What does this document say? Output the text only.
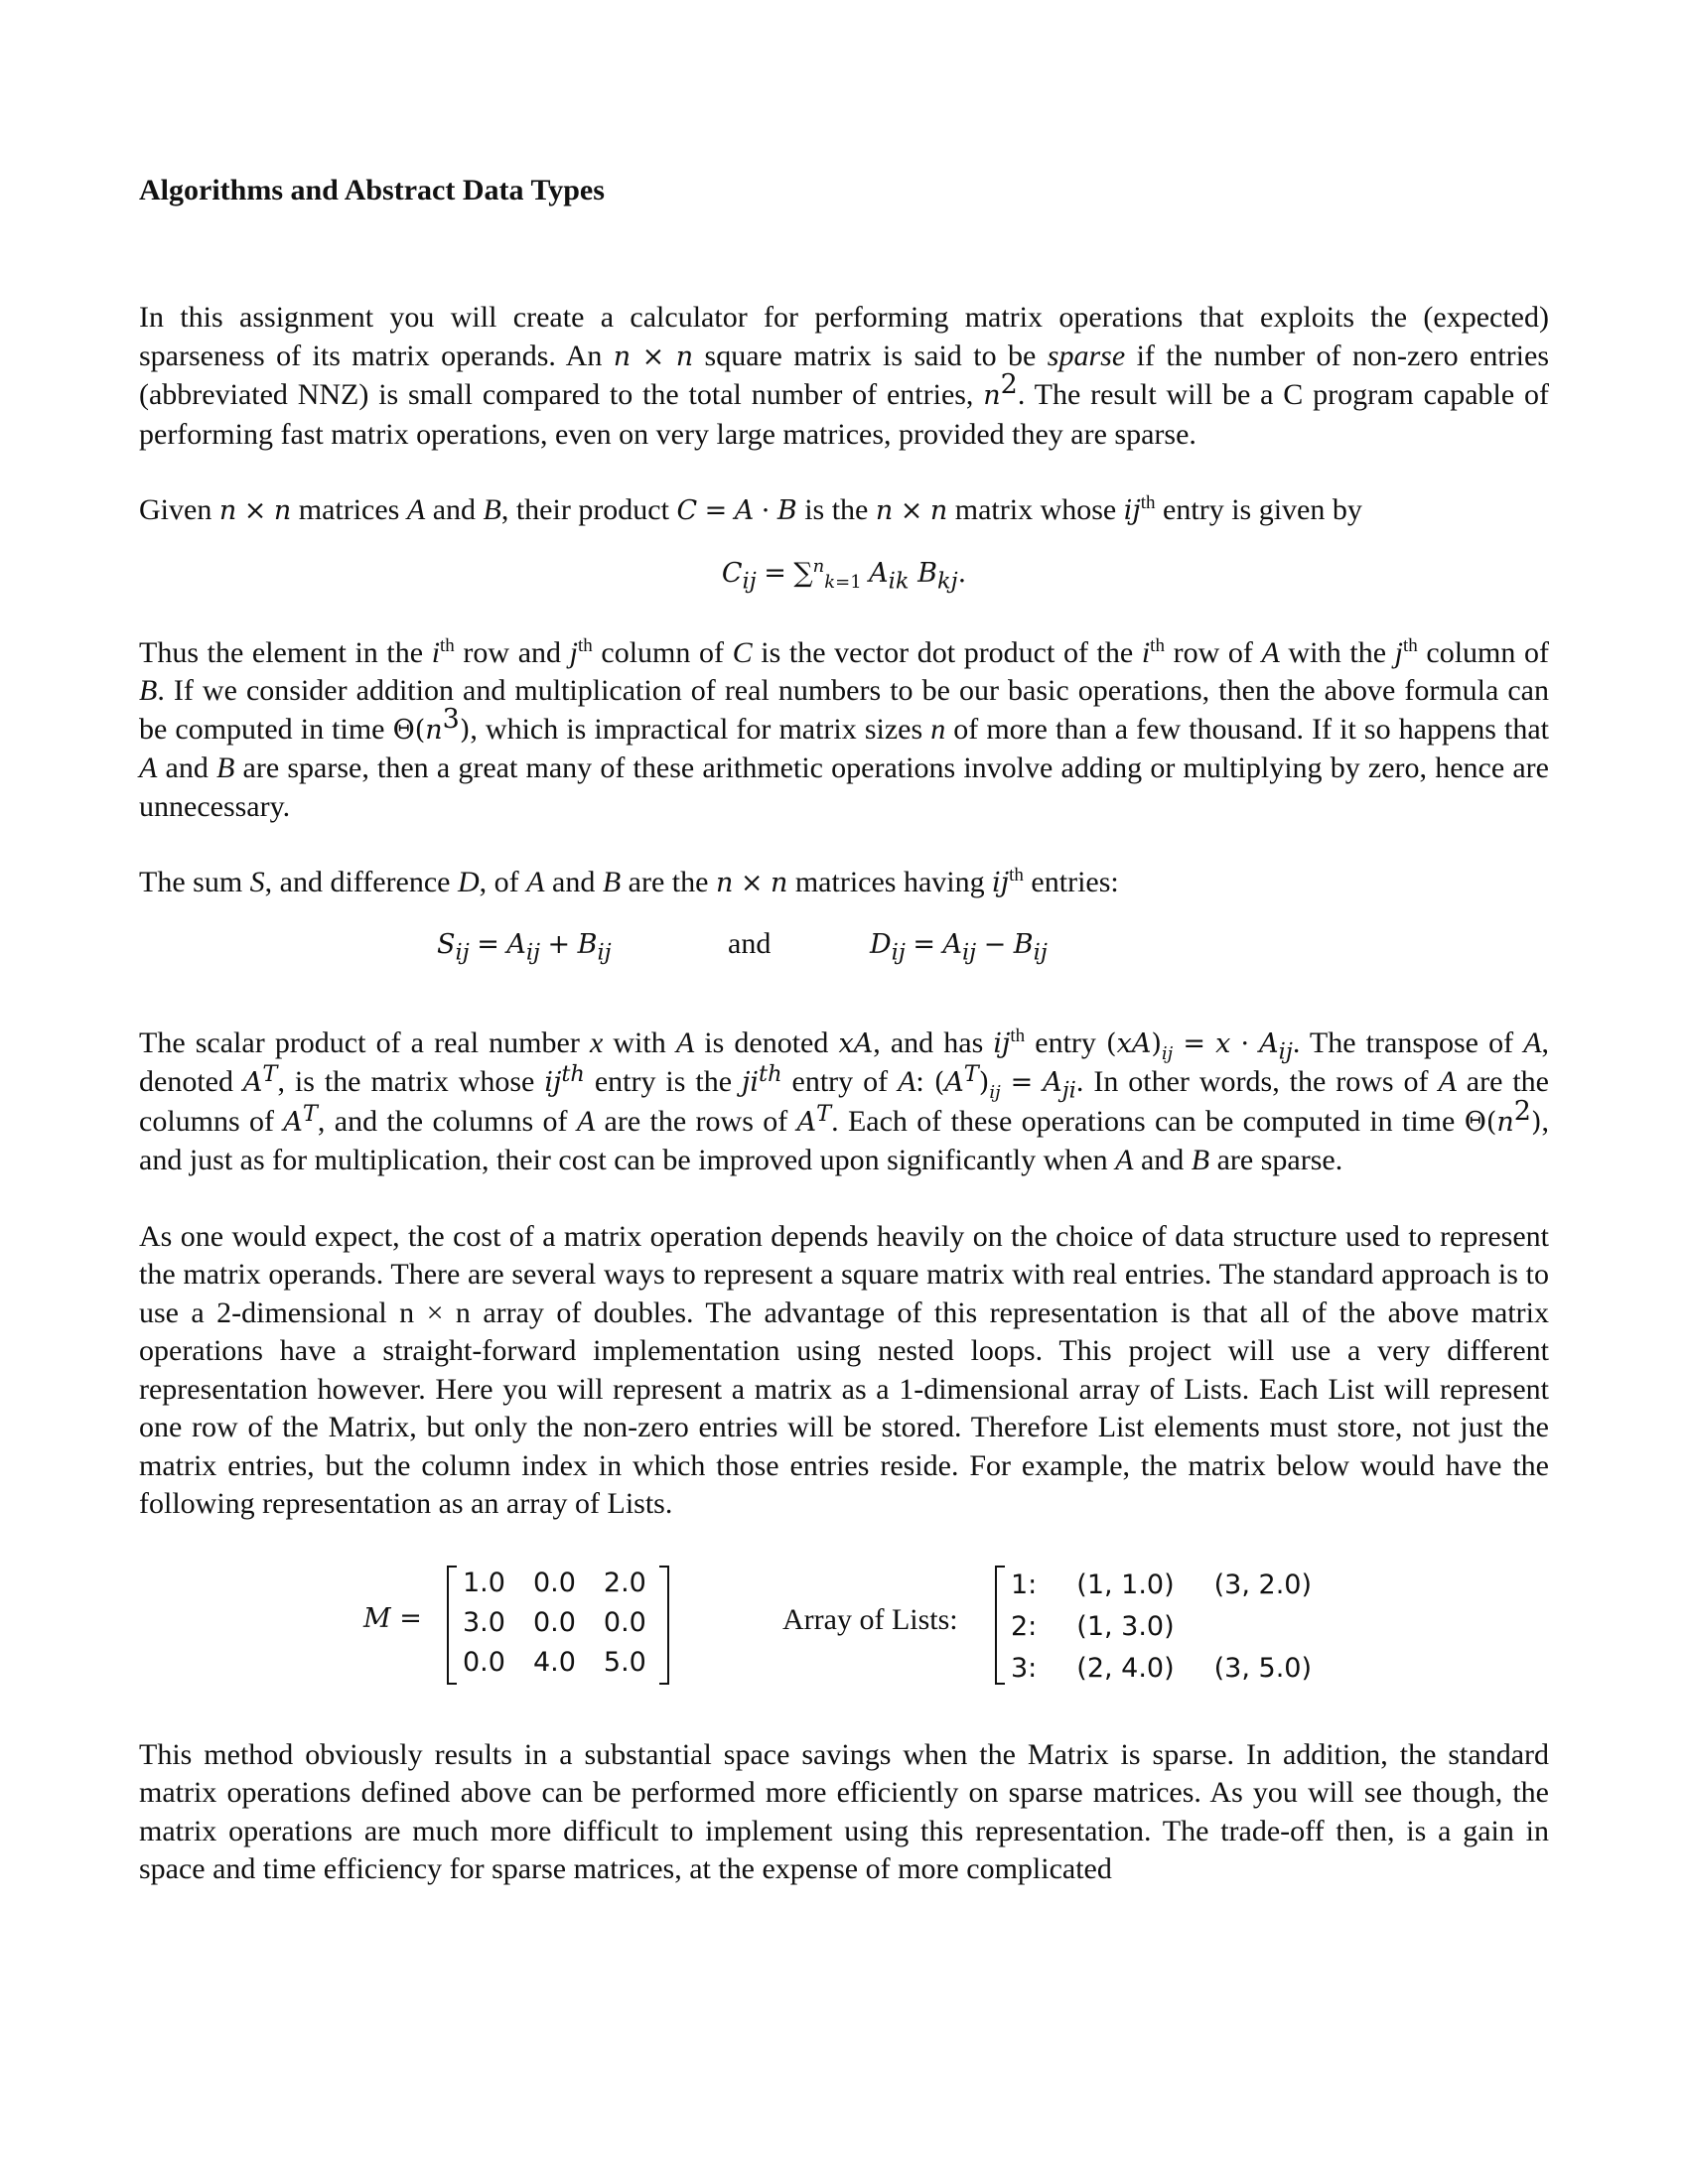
Algorithms and Abstract Data Types

In this assignment you will create a calculator for performing matrix operations that exploits the (expected) sparseness of its matrix operands. An n × n square matrix is said to be sparse if the number of non-zero entries (abbreviated NNZ) is small compared to the total number of entries, $n^2$. The result will be a C program capable of performing fast matrix operations, even on very large matrices, provided they are sparse.

Given n × n matrices A and B, their product C = A · B is the n × n matrix whose $ij^{th}$ entry is given by

$C_{ij} = \sum^n_{k=1}$ $A_{ik}$ $B_{kj}$.

Thus the element in the $i^{th}$ row and $j^{th}$ column of C is the vector dot product of the $i^{th}$ row of A with the $j^{th}$ column of B. If we consider addition and multiplication of real numbers to be our basic operations, then the above formula can be computed in time $\Theta(n^3)$, which is impractical for matrix sizes n of more than a few thousand. If it so happens that A and B are sparse, then a great many of these arithmetic operations involve adding or multiplying by zero, hence are unnecessary.

The sum S, and difference D, of A and B are the n × n matrices having $ij^{th}$ entries:

$S_{ij} = A_{ij} + B_{ij}$	and	$D_{ij} = A_{ij} - B_{ij}$

The scalar product of a real number x with A is denoted xA, and has $ij^{th}$ entry $(xA)_{ij} = x \cdot A_{ij}$. The transpose of A, denoted $A^T$, is the matrix whose $ij^{th}$ entry is the $ji^{th}$ entry of A: $(A^T)_{ij} = A_{ji}$. In other words, the rows of A are the columns of $A^T$, and the columns of A are the rows of $A^T$. Each of these operations can be computed in time $\Theta(n^2)$, and just as for multiplication, their cost can be improved upon significantly when A and B are sparse.

As one would expect, the cost of a matrix operation depends heavily on the choice of data structure used to represent the matrix operands. There are several ways to represent a square matrix with real entries. The standard approach is to use a 2-dimensional n × n array of doubles. The advantage of this representation is that all of the above matrix operations have a straight-forward implementation using nested loops. This project will use a very different representation however. Here you will represent a matrix as a 1-dimensional array of Lists. Each List will represent one row of the Matrix, but only the non-zero entries will be stored. Therefore List elements must store, not just the matrix entries, but the column index in which those entries reside. For example, the matrix below would have the following representation as an array of Lists.

M =
1.0	0.0	2.0
3.0	0.0	0.0
0.0	4.0	5.0
Array of Lists:
1:	(1, 1.0)	(3, 2.0)
2:	(1, 3.0)	
3:	(2, 4.0)	(3, 5.0)

This method obviously results in a substantial space savings when the Matrix is sparse. In addition, the standard matrix operations defined above can be performed more efficiently on sparse matrices. As you will see though, the matrix operations are much more difficult to implement using this representation. The trade-off then, is a gain in space and time efficiency for sparse matrices, at the expense of more complicated
